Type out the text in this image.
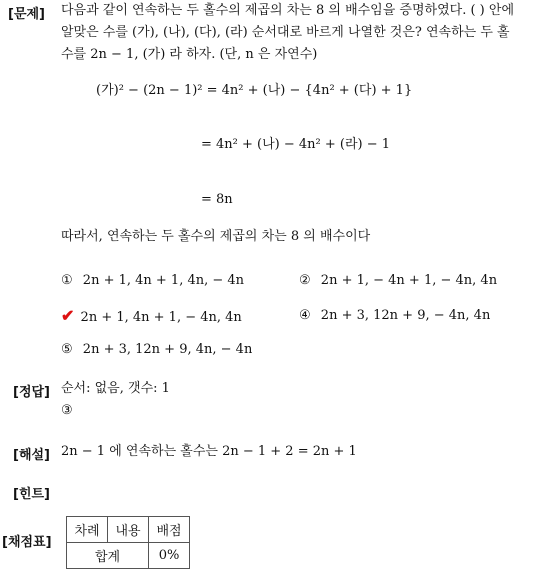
[문제] 다음과 같이 연속하는 두 홀수의 제곱의 차는 8 의 배수임을 증명하였다. ( ) 안에
알맞은 수를 (가), (나), (다), (라) 순서대로 바르게 나열한 것은? 연속하는 두 홀
수를 2n − 1, (가) 라 하자. (단, n 은 자연수)
(가)² − (2n − 1)² = 4n² + (나) − {4n² + (다) + 1}
= 4n² + (나) − 4n² + (라) − 1
= 8n
따라서, 연속하는 두 홀수의 제곱의 차는 8 의 배수이다
① 2n + 1, 4n + 1, 4n, − 4n	② 2n + 1, − 4n + 1, − 4n, 4n
✔ 2n + 1, 4n + 1, − 4n, 4n	④ 2n + 3, 12n + 9, − 4n, 4n
⑤ 2n + 3, 12n + 9, 4n, − 4n
[정답] 순서: 없음, 갯수: 1
③
[해설] 2n − 1 에 연속하는 홀수는 2n − 1 + 2 = 2n + 1
[힌트]
[채점표]
차례	내용	배점
합계		0%
